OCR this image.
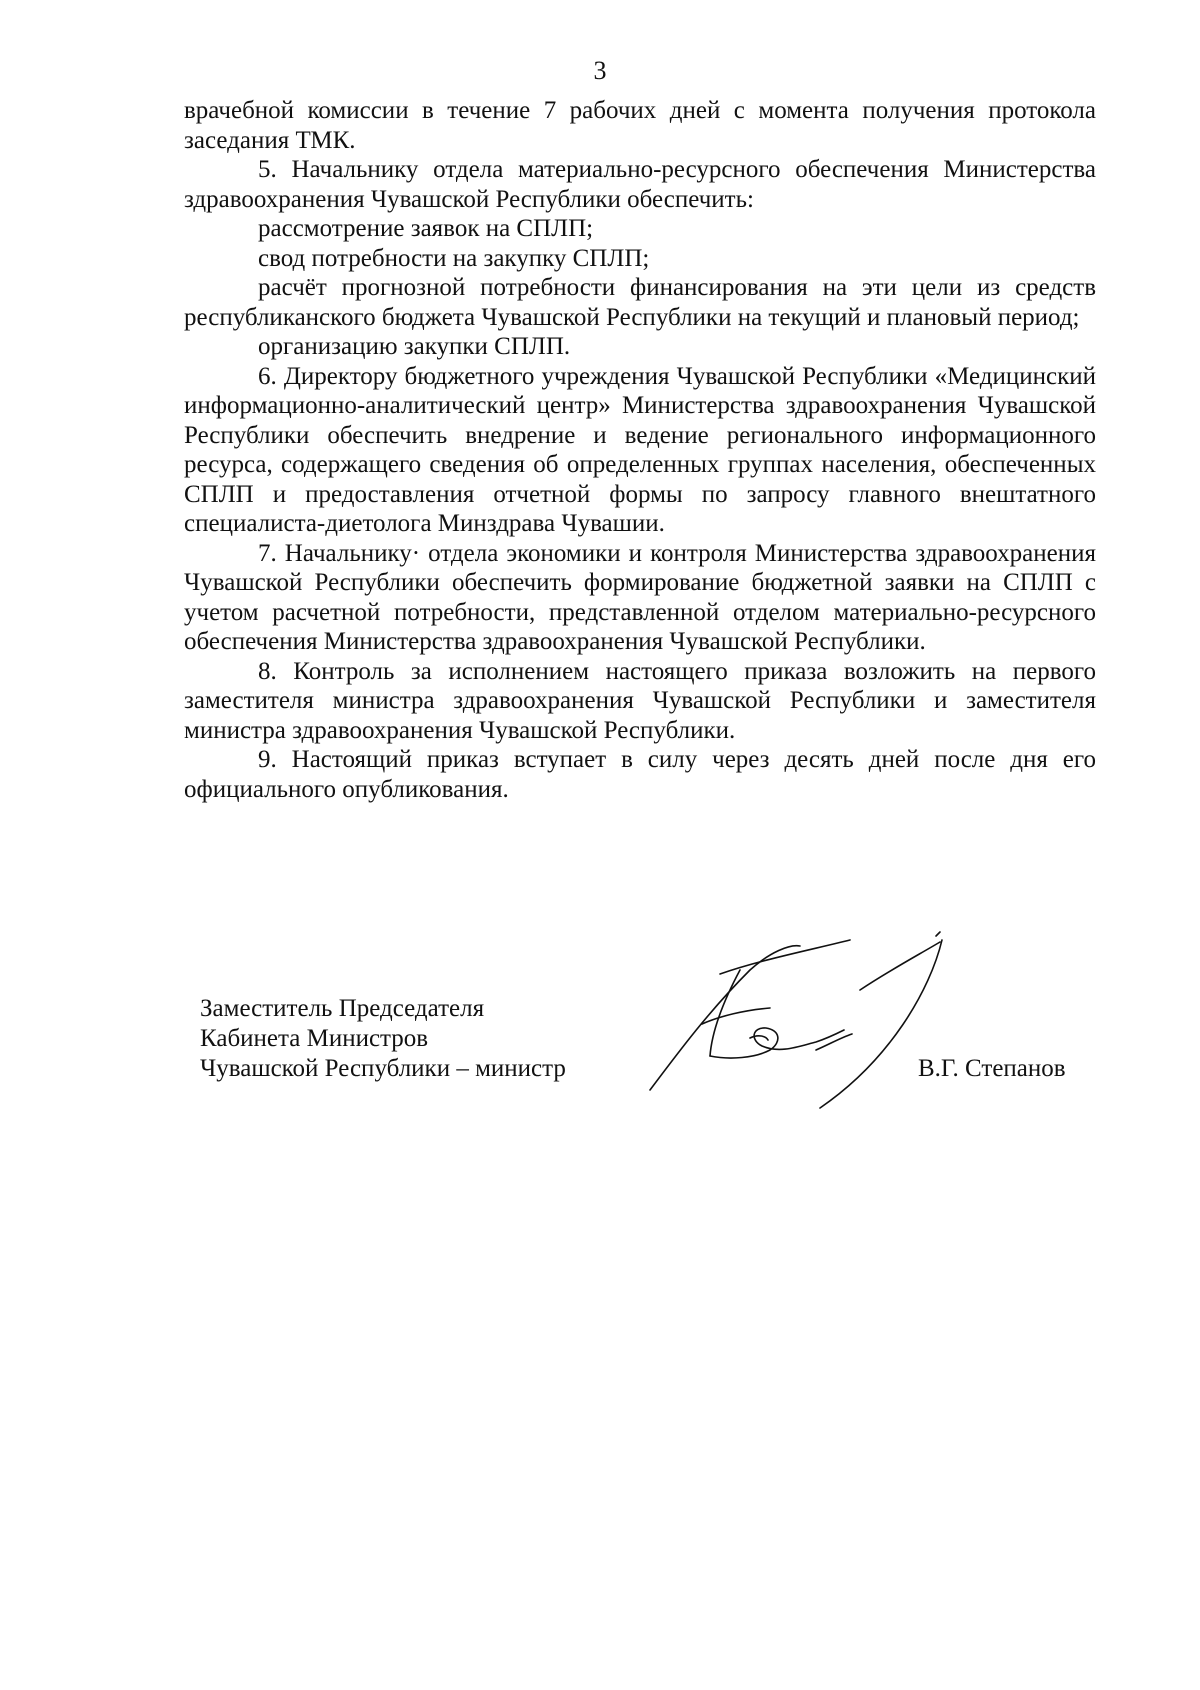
3

врачебной комиссии в течение 7 рабочих дней с момента получения протокола заседания ТМК.

5. Начальнику отдела материально-ресурсного обеспечения Министерства здравоохранения Чувашской Республики обеспечить:

рассмотрение заявок на СПЛП;

свод потребности на закупку СПЛП;

расчёт прогнозной потребности финансирования на эти цели из средств республиканского бюджета Чувашской Республики на текущий и плановый период;

организацию закупки СПЛП.

6. Директору бюджетного учреждения Чувашской Республики «Медицинский информационно-аналитический центр» Министерства здравоохранения Чувашской Республики обеспечить внедрение и ведение регионального информационного ресурса, содержащего сведения об определенных группах населения, обеспеченных СПЛП и предоставления отчетной формы по запросу главного внештатного специалиста-диетолога Минздрава Чувашии.

7. Начальнику· отдела экономики и контроля Министерства здравоохранения Чувашской Республики обеспечить формирование бюджетной заявки на СПЛП с учетом расчетной потребности, представленной отделом материально-ресурсного обеспечения Министерства здравоохранения Чувашской Республики.

8. Контроль за исполнением настоящего приказа возложить на первого заместителя министра здравоохранения Чувашской Республики и заместителя министра здравоохранения Чувашской Республики.

9. Настоящий приказ вступает в силу через десять дней после дня его официального опубликования.

Заместитель Председателя
Кабинета Министров
Чувашской Республики – министр	В.Г. Степанов
